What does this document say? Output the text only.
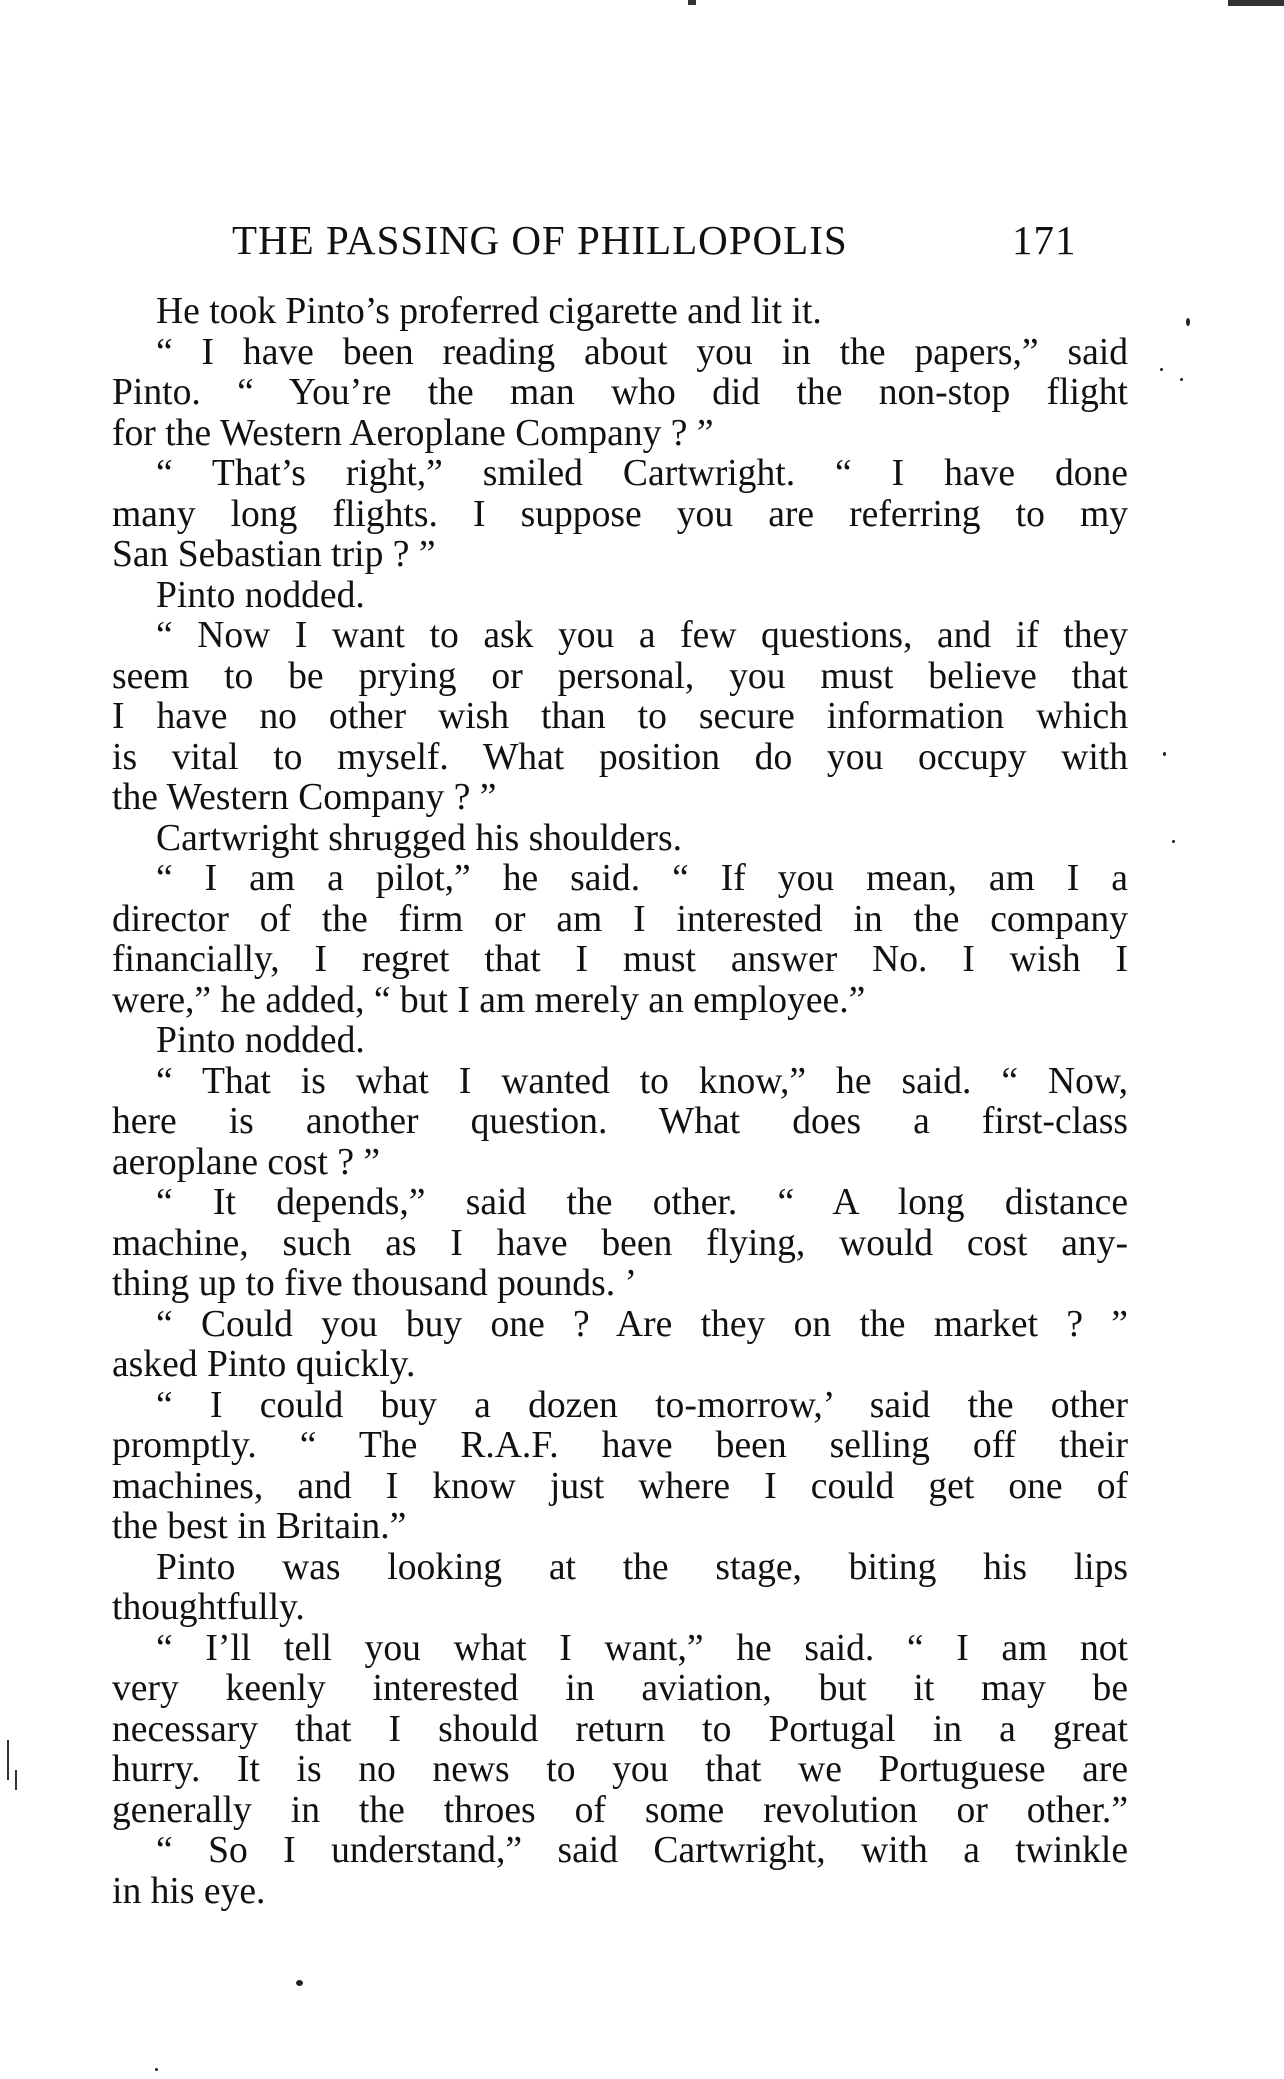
THE PASSING OF PHILLOPOLIS	171
He took Pinto’s proferred cigarette and lit it.
“ I have been reading about you in the papers,” said
Pinto. “ You’re the man who did the non-stop flight
for the Western Aeroplane Company ? ”
“ That’s right,” smiled Cartwright. “ I have done
many long flights. I suppose you are referring to my
San Sebastian trip ? ”
Pinto nodded.
“ Now I want to ask you a few questions, and if they
seem to be prying or personal, you must believe that
I have no other wish than to secure information which
is vital to myself. What position do you occupy with
the Western Company ? ”
Cartwright shrugged his shoulders.
“ I am a pilot,” he said. “ If you mean, am I a
director of the firm or am I interested in the company
financially, I regret that I must answer No. I wish I
were,” he added, “ but I am merely an employee.”
Pinto nodded.
“ That is what I wanted to know,” he said. “ Now,
here is another question. What does a first-class
aeroplane cost ? ”
“ It depends,” said the other. “ A long distance
machine, such as I have been flying, would cost any-
thing up to five thousand pounds. ’
“ Could you buy one ? Are they on the market ? ”
asked Pinto quickly.
“ I could buy a dozen to-morrow,’ said the other
promptly. “ The R.A.F. have been selling off their
machines, and I know just where I could get one of
the best in Britain.”
Pinto was looking at the stage, biting his lips
thoughtfully.
“ I’ll tell you what I want,” he said. “ I am not
very keenly interested in aviation, but it may be
necessary that I should return to Portugal in a great
hurry. It is no news to you that we Portuguese are
generally in the throes of some revolution or other.”
“ So I understand,” said Cartwright, with a twinkle
in his eye.
